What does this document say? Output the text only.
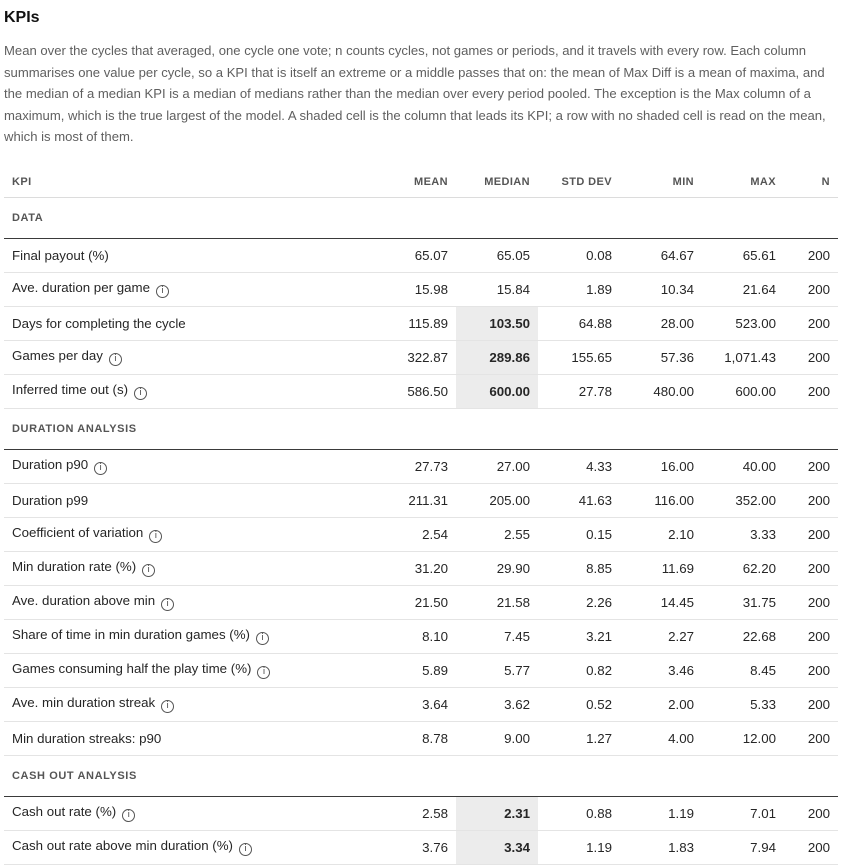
KPIs

Mean over the cycles that averaged, one cycle one vote; n counts cycles, not games or periods, and it travels with every row. Each column summarises one value per cycle, so a KPI that is itself an extreme or a middle passes that on: the mean of Max Diff is a mean of maxima, and the median of a median KPI is a median of medians rather than the median over every period pooled. The exception is the Max column of a maximum, which is the true largest of the model. A shaded cell is the column that leads its KPI; a row with no shaded cell is read on the mean, which is most of them.

KPI	MEAN	MEDIAN	STD DEV	MIN	MAX	N
DATA						
Final payout (%)	65.07	65.05	0.08	64.67	65.61	200
Ave. duration per game i	15.98	15.84	1.89	10.34	21.64	200
Days for completing the cycle	115.89	103.50	64.88	28.00	523.00	200
Games per day i	322.87	289.86	155.65	57.36	1,071.43	200
Inferred time out (s) i	586.50	600.00	27.78	480.00	600.00	200
DURATION ANALYSIS						
Duration p90 i	27.73	27.00	4.33	16.00	40.00	200
Duration p99	211.31	205.00	41.63	116.00	352.00	200
Coefficient of variation i	2.54	2.55	0.15	2.10	3.33	200
Min duration rate (%) i	31.20	29.90	8.85	11.69	62.20	200
Ave. duration above min i	21.50	21.58	2.26	14.45	31.75	200
Share of time in min duration games (%) i	8.10	7.45	3.21	2.27	22.68	200
Games consuming half the play time (%) i	5.89	5.77	0.82	3.46	8.45	200
Ave. min duration streak i	3.64	3.62	0.52	2.00	5.33	200
Min duration streaks: p90	8.78	9.00	1.27	4.00	12.00	200
CASH OUT ANALYSIS						
Cash out rate (%) i	2.58	2.31	0.88	1.19	7.01	200
Cash out rate above min duration (%) i	3.76	3.34	1.19	1.83	7.94	200
